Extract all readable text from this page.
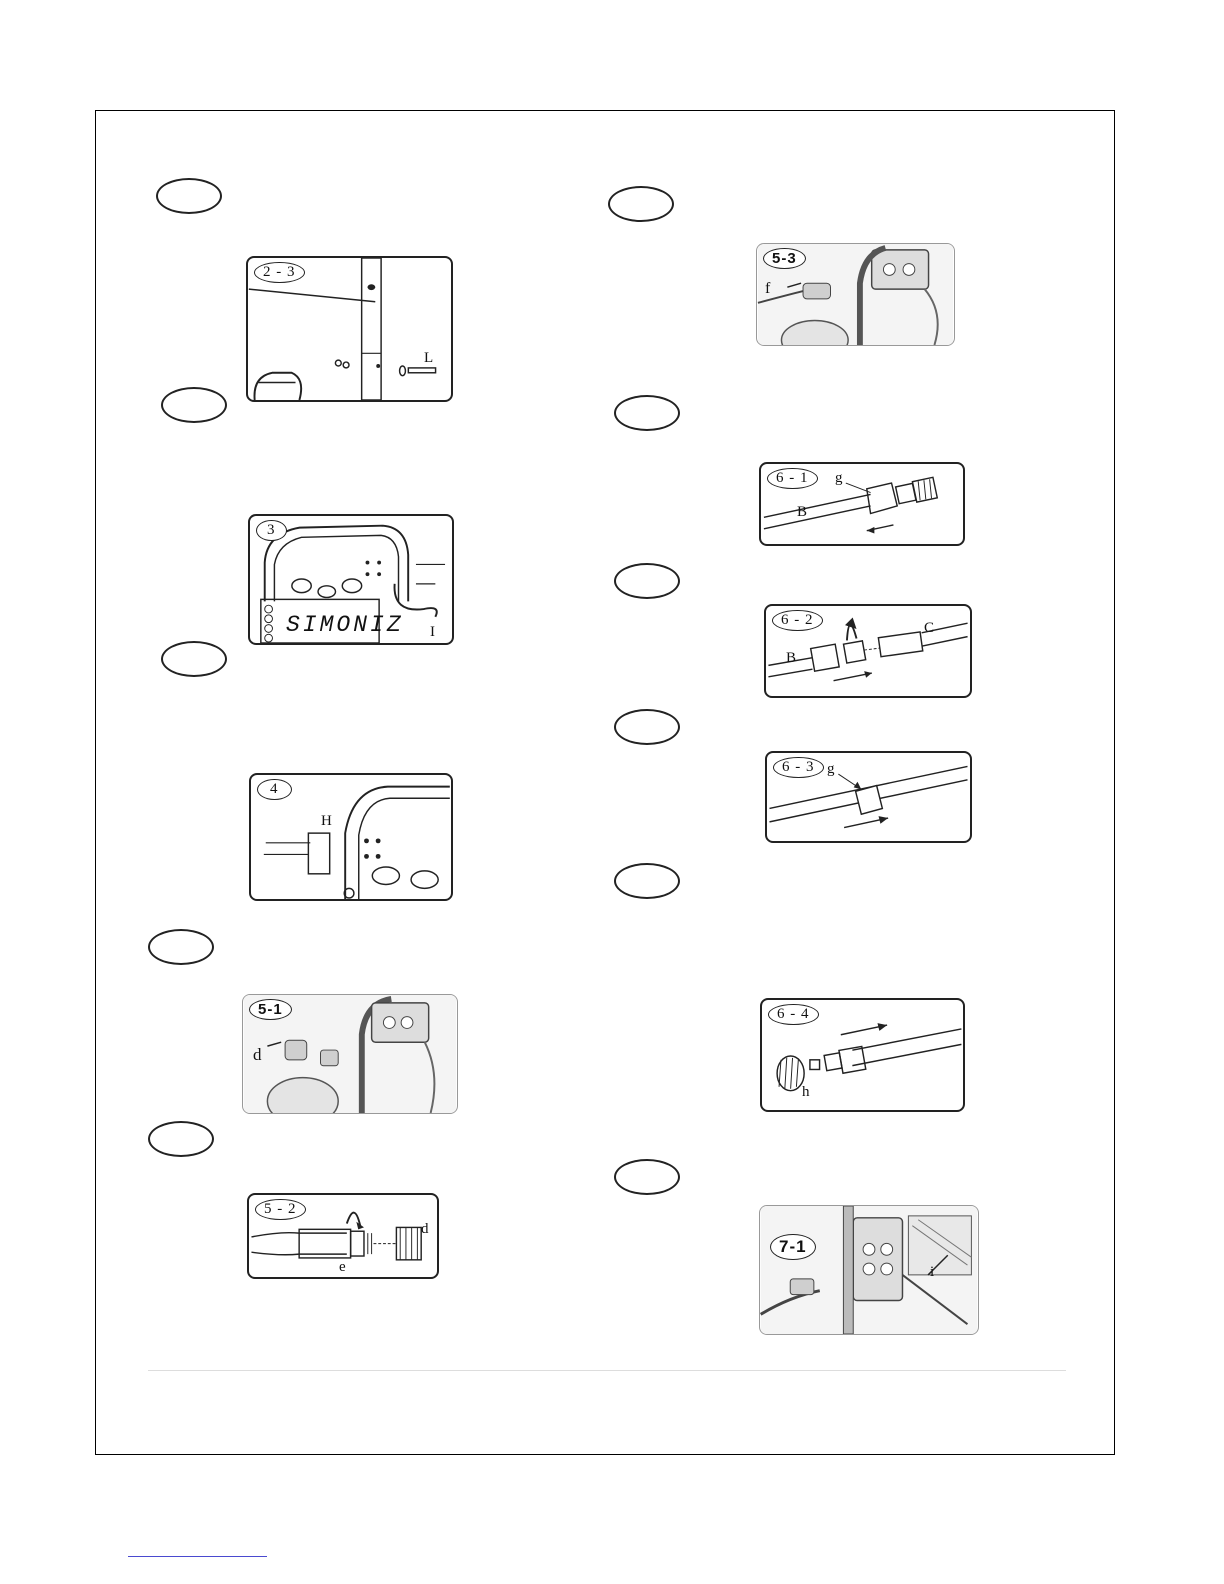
2 - 3
L
3
SIMONIZ I
4
H
5-1
d
5 - 2
d
e
5-3
f
6 - 1	g
B
6 - 2
B
C
6 - 3 g
6 - 4
h
7-1
i
